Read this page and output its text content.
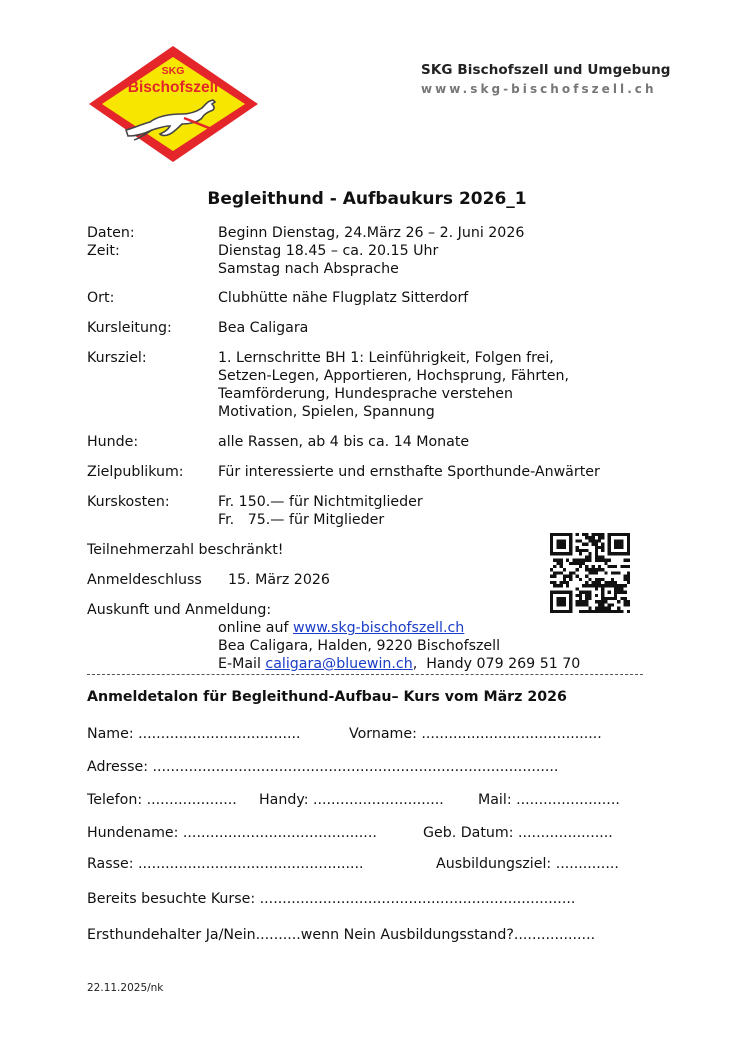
SKG
Bischofszell
SKG Bischofszell und Umgebung
www.skg-bischofszell.ch
Begleithund - Aufbaukurs 2026_1
Daten:	Beginn Dienstag, 24.März 26 – 2. Juni 2026
Zeit:	Dienstag 18.45 – ca. 20.15 Uhr
Samstag nach Absprache
Ort:	Clubhütte nähe Flugplatz Sitterdorf
Kursleitung:	Bea Caligara
Kursziel:	1. Lernschritte BH 1: Leinführigkeit, Folgen frei,
Setzen-Legen, Apportieren, Hochsprung, Fährten,
Teamförderung, Hundesprache verstehen
Motivation, Spielen, Spannung
Hunde:	alle Rassen, ab 4 bis ca. 14 Monate
Zielpublikum: Für interessierte und ernsthafte Sporthunde-Anwärter
Kurskosten:	Fr. 150.— für Nichtmitglieder
Fr.   75.— für Mitglieder
Teilnehmerzahl beschränkt!
Anmeldeschluss 15. März 2026
Auskunft und Anmeldung:
online auf www.skg-bischofszell.ch
Bea Caligara, Halden, 9220 Bischofszell
E-Mail caligara@bluewin.ch,  Handy 079 269 51 70
Anmeldetalon für Begleithund-Aufbau– Kurs vom März 2026
Name: ....................................	Vorname: ........................................
Adresse: ..........................................................................................
Telefon: .................... Handy: ............................. Mail: .......................
Hundename: ...........................................	Geb. Datum: .....................
Rasse: ..................................................	Ausbildungsziel: ..............
Bereits besuchte Kurse: ......................................................................
Ersthundehalter Ja/Nein..........wenn Nein Ausbildungsstand?..................
22.11.2025/nk
